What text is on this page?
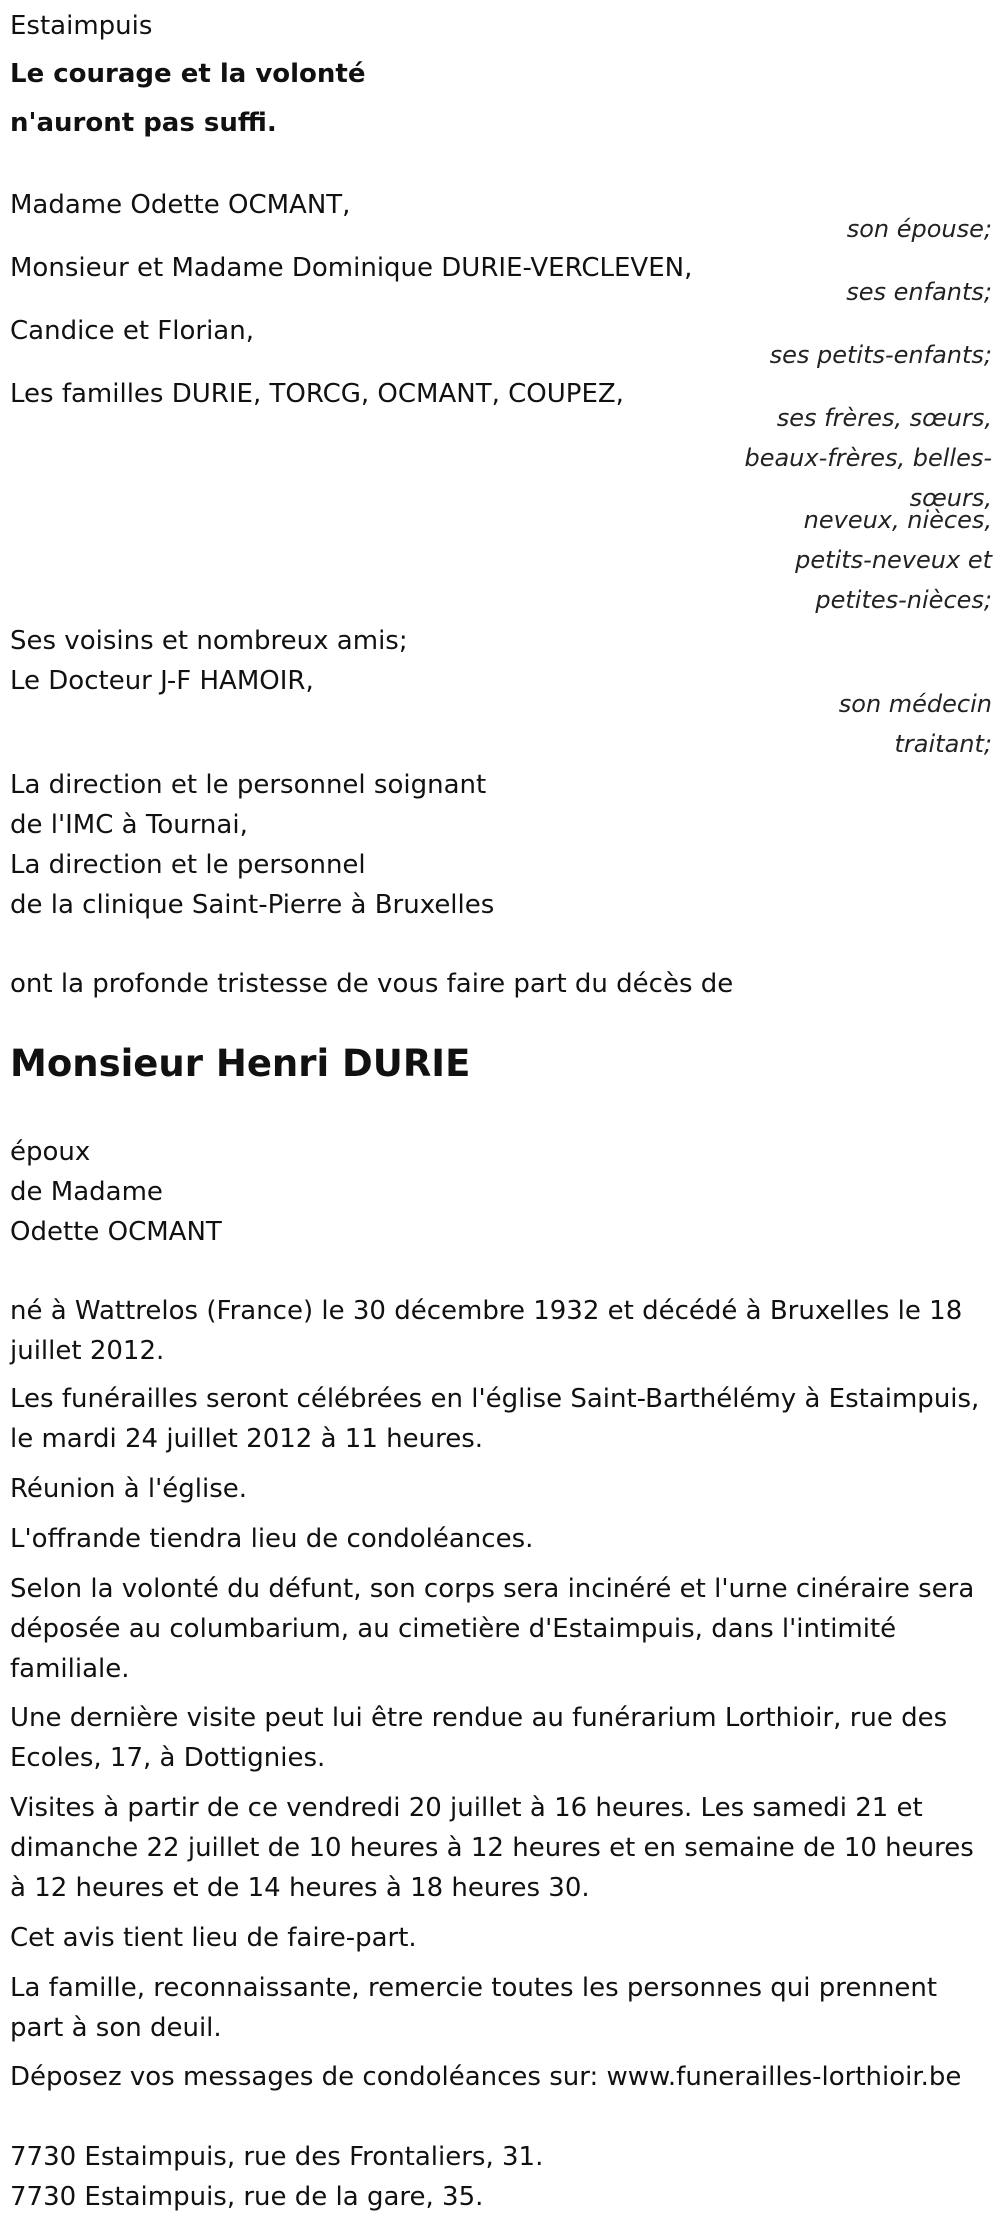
Estaimpuis
Le courage et la volonté
n'auront pas suffi.
Madame Odette OCMANT,
son épouse;
Monsieur et Madame Dominique DURIE-VERCLEVEN,
ses enfants;
Candice et Florian,
ses petits-enfants;
Les familles DURIE, TORCG, OCMANT, COUPEZ,
ses frères, sœurs,
beaux-frères, belles-
sœurs,
neveux, nièces,
petits-neveux et
petites-nièces;
Ses voisins et nombreux amis;
Le Docteur J-F HAMOIR,
son médecin
traitant;
La direction et le personnel soignant
de l'IMC à Tournai,
La direction et le personnel
de la clinique Saint-Pierre à Bruxelles
ont la profonde tristesse de vous faire part du décès de
Monsieur Henri DURIE
époux
de Madame
Odette OCMANT
né à Wattrelos (France) le 30 décembre 1932 et décédé à Bruxelles le 18 juillet 2012.
Les funérailles seront célébrées en l'église Saint-Barthélémy à Estaimpuis, le mardi 24 juillet 2012 à 11 heures.
Réunion à l'église.
L'offrande tiendra lieu de condoléances.
Selon la volonté du défunt, son corps sera incinéré et l'urne cinéraire sera déposée au columbarium, au cimetière d'Estaimpuis, dans l'intimité familiale.
Une dernière visite peut lui être rendue au funérarium Lorthioir, rue des Ecoles, 17, à Dottignies.
Visites à partir de ce vendredi 20 juillet à 16 heures. Les samedi 21 et dimanche 22 juillet de 10 heures à 12 heures et en semaine de 10 heures à 12 heures et de 14 heures à 18 heures 30.
Cet avis tient lieu de faire-part.
La famille, reconnaissante, remercie toutes les personnes qui prennent part à son deuil.
Déposez vos messages de condoléances sur: www.funerailles-lorthioir.be
7730 Estaimpuis, rue des Frontaliers, 31.
7730 Estaimpuis, rue de la gare, 35.
